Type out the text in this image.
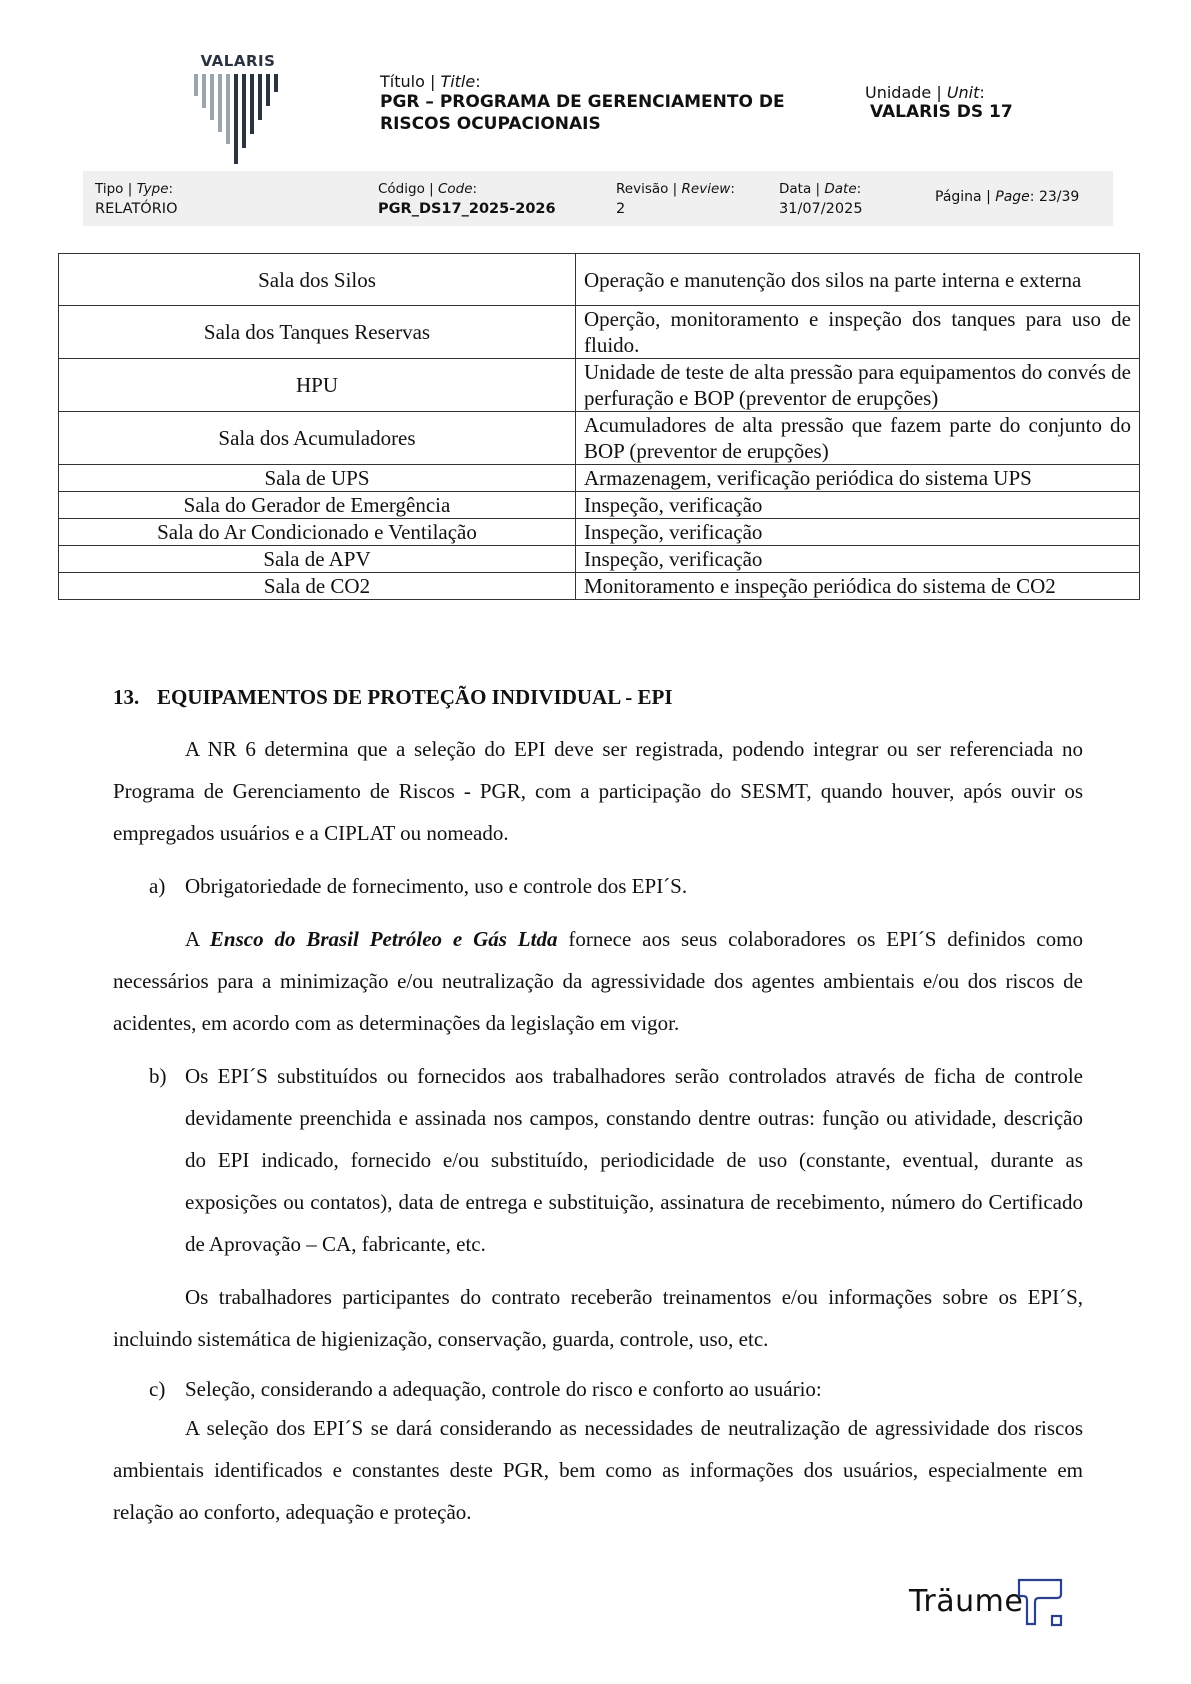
VALARIS
Título | Title:
PGR – PROGRAMA DE GERENCIAMENTO DE RISCOS OCUPACIONAIS
Unidade | Unit:
VALARIS DS 17
Tipo | Type:
RELATÓRIO
Código | Code:
PGR_DS17_2025-2026
Revisão | Review:
2
Data | Date:
31/07/2025
Página | Page: 23/39
Sala dos Silos	Operação e manutenção dos silos na parte interna e externa
Sala dos Tanques Reservas	Operção, monitoramento e inspeção dos tanques para uso de fluido.
HPU	Unidade de teste de alta pressão para equipamentos do convés de perfuração e BOP (preventor de erupções)
Sala dos Acumuladores	Acumuladores de alta pressão que fazem parte do conjunto do BOP (preventor de erupções)
Sala de UPS	Armazenagem, verificação periódica do sistema UPS
Sala do Gerador de Emergência	Inspeção, verificação
Sala do Ar Condicionado e Ventilação	Inspeção, verificação
Sala de APV	Inspeção, verificação
Sala de CO2	Monitoramento e inspeção periódica do sistema de CO2
13. EQUIPAMENTOS DE PROTEÇÃO INDIVIDUAL - EPI

A NR 6 determina que a seleção do EPI deve ser registrada, podendo integrar ou ser referenciada no Programa de Gerenciamento de Riscos - PGR, com a participação do SESMT, quando houver, após ouvir os empregados usuários e a CIPLAT ou nomeado.

a) Obrigatoriedade de fornecimento, uso e controle dos EPI´S.

A Ensco do Brasil Petróleo e Gás Ltda fornece aos seus colaboradores os EPI´S definidos como necessários para a minimização e/ou neutralização da agressividade dos agentes ambientais e/ou dos riscos de acidentes, em acordo com as determinações da legislação em vigor.

b) Os EPI´S substituídos ou fornecidos aos trabalhadores serão controlados através de ficha de controle devidamente preenchida e assinada nos campos, constando dentre outras: função ou atividade, descrição do EPI indicado, fornecido e/ou substituído, periodicidade de uso (constante, eventual, durante as exposições ou contatos), data de entrega e substituição, assinatura de recebimento, número do Certificado de Aprovação – CA, fabricante, etc.

Os trabalhadores participantes do contrato receberão treinamentos e/ou informações sobre os EPI´S, incluindo sistemática de higienização, conservação, guarda, controle, uso, etc.

c) Seleção, considerando a adequação, controle do risco e conforto ao usuário:

A seleção dos EPI´S se dará considerando as necessidades de neutralização de agressividade dos riscos ambientais identificados e constantes deste PGR, bem como as informações dos usuários, especialmente em relação ao conforto, adequação e proteção.

Träume
